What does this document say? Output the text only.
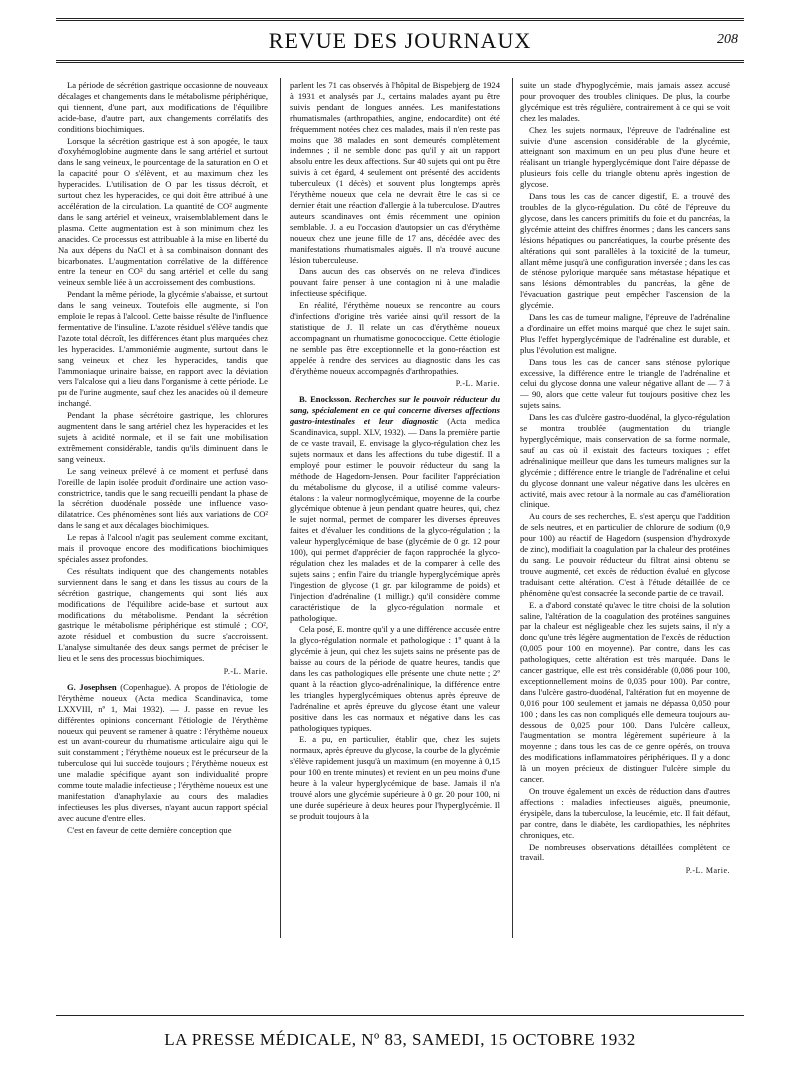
REVUE DES JOURNAUX	208

La période de sécrétion gastrique occasionne de nouveaux décalages et changements dans le métabolisme périphérique, qui tiennent, d'une part, aux modifications de l'équilibre acide-base, d'autre part, aux changements corrélatifs des conditions biochimiques.

Lorsque la sécrétion gastrique est à son apogée, le taux d'oxyhémoglobine augmente dans le sang artériel et surtout dans le sang veineux, le pourcentage de la saturation en O et la capacité pour O s'élèvent, et au maximum chez les hyperacides. L'utilisation de O par les tissus décroît, et surtout chez les hyperacides, ce qui doit être attribué à une accélération de la circulation. La quantité de CO² augmente dans le sang artériel et veineux, vraisemblablement dans le plasma. Cette augmentation est à son minimum chez les anacides. Ce processus est attribuable à la mise en liberté du Na aux dépens du NaCl et à sa combinaison donnant des bicarbonates. L'augmentation corrélative de la différence entre la teneur en CO² du sang artériel et celle du sang veineux semble liée à un accroissement des combustions.

Pendant la même période, la glycémie s'abaisse, et surtout dans le sang veineux. Toutefois elle augmente, si l'on emploie le repas à l'alcool. Cette baisse résulte de l'influence fermentative de l'insuline. L'azote résiduel s'élève tandis que l'azote total décroît, les différences étant plus marquées chez les hyperacides. L'ammoniémie augmente, surtout dans le sang veineux et chez les hyperacides, tandis que l'ammoniaque urinaire baisse, en rapport avec la déviation vers l'alcalose qui a lieu dans l'organisme à cette période. Le pн de l'urine augmente, sauf chez les anacides où il demeure inchangé.

Pendant la phase sécrétoire gastrique, les chlorures augmentent dans le sang artériel chez les hyperacides et les sujets à acidité normale, et il se fait une mobilisation extrêmement considérable, tandis qu'ils diminuent dans le sang veineux.

Le sang veineux prélevé à ce moment et perfusé dans l'oreille de lapin isolée produit d'ordinaire une action vaso-constrictrice, tandis que le sang recueilli pendant la phase de la sécrétion duodénale possède une influence vaso-dilatatrice. Ces phénomènes sont liés aux variations de CO² dans le sang et aux décalages biochimiques.

Le repas à l'alcool n'agit pas seulement comme excitant, mais il provoque encore des modifications biochimiques spéciales assez profondes.

Ces résultats indiquent que des changements notables surviennent dans le sang et dans les tissus au cours de la sécrétion gastrique, changements qui sont liés aux modifications de l'équilibre acide-base et surtout aux modifications du métabolisme. Pendant la sécrétion gastrique le métabolisme périphérique est stimulé ; CO², azote résiduel et combustion du sucre s'accroissent. L'analyse simultanée des deux sangs permet de préciser le lieu et le sens des processus biochimiques.

P.-L. Marie.

G. Josephsen (Copenhague). A propos de l'étiologie de l'érythème noueux (Acta medica Scandinavica, tome LXXVIII, nº 1, Mai 1932). — J. passe en revue les différentes opinions concernant l'étiologie de l'érythème noueux qui peuvent se ramener à quatre : l'érythème noueux est un avant-coureur du rhumatisme articulaire aigu qui le suit constamment ; l'érythème noueux est le précurseur de la tuberculose qui lui succède toujours ; l'érythème noueux est une maladie spécifique ayant son individualité propre comme toute maladie infectieuse ; l'érythème noueux est une manifestation d'anaphylaxie au cours des maladies infectieuses les plus diverses, n'ayant aucun rapport spécial avec aucune d'entre elles.

C'est en faveur de cette dernière conception que

parlent les 71 cas observés à l'hôpital de Bispebjerg de 1924 à 1931 et analysés par J., certains malades ayant pu être suivis pendant de longues années. Les manifestations rhumatismales (arthropathies, angine, endocardite) ont été fréquemment notées chez ces malades, mais il n'en reste pas moins que 38 malades en sont demeurés complètement indemnes ; il ne semble donc pas qu'il y ait un rapport absolu entre les deux affections. Sur 40 sujets qui ont pu être suivis à cet égard, 4 seulement ont présenté des accidents tuberculeux (1 décès) et souvent plus longtemps après l'érythème noueux que cela ne devrait être le cas si ce dernier était une réaction d'allergie à la tuberculose. D'autres auteurs scandinaves ont émis récemment une opinion semblable. J. a eu l'occasion d'autopsier un cas d'érythème noueux chez une jeune fille de 17 ans, décédée avec des manifestations rhumatismales aiguës. Il n'a trouvé aucune lésion tuberculeuse.

Dans aucun des cas observés on ne releva d'indices pouvant faire penser à une contagion ni à une maladie infectieuse spécifique.

En réalité, l'érythème noueux se rencontre au cours d'infections d'origine très variée ainsi qu'il ressort de la statistique de J. Il relate un cas d'érythème noueux accompagnant un rhumatisme gonococcique. Cette étiologie ne semble pas être exceptionnelle et la gono-réaction est appelée à rendre des services au diagnostic dans les cas d'érythème noueux accompagnés d'arthropathies.

P.-L. Marie.

B. Enocksson. Recherches sur le pouvoir réducteur du sang, spécialement en ce qui concerne diverses affections gastro-intestinales et leur diagnostic (Acta medica Scandinavica, suppl. XLV, 1932). — Dans la première partie de ce vaste travail, E. envisage la glyco-régulation chez les sujets normaux et dans les affections du tube digestif. Il a employé pour estimer le pouvoir réducteur du sang la méthode de Hagedorn-Jensen. Pour faciliter l'appréciation du métabolisme du glycose, il a utilisé comme valeurs-étalons : la valeur normoglycémique, moyenne de la courbe glycémique obtenue à jeun pendant quatre heures, qui, chez le sujet normal, permet de comparer les diverses épreuves faites et d'évaluer les conditions de la glyco-régulation ; la valeur hyperglycémique de base (glycémie de 0 gr. 12 pour 100), qui permet d'apprécier de façon rapprochée la glyco-régulation chez les malades et de la comparer à celle des sujets sains ; enfin l'aire du triangle hyperglycémique après l'ingestion de glycose (1 gr. par kilogramme de poids) et l'injection d'adrénaline (1 milligr.) qu'il considère comme caractéristique de la glyco-régulation normale et pathologique.

Cela posé, E. montre qu'il y a une différence accusée entre la glyco-régulation normale et pathologique : 1º quant à la glycémie à jeun, qui chez les sujets sains ne présente pas de baisse au cours de la période de quatre heures, tandis que dans les cas pathologiques elle présente une chute nette ; 2º quant à la réaction glyco-adrénalinique, la différence entre les triangles hyperglycémiques obtenus après épreuve de l'adrénaline et après épreuve du glycose étant une valeur positive dans les cas normaux et négative dans les cas pathologiques typiques.

E. a pu, en particulier, établir que, chez les sujets normaux, après épreuve du glycose, la courbe de la glycémie s'élève rapidement jusqu'à un maximum (en moyenne à 0,15 pour 100 en trente minutes) et revient en un peu moins d'une heure à la valeur hyperglycémique de base. Jamais il n'a trouvé alors une glycémie supérieure à 0 gr. 20 pour 100, ni une durée supérieure à deux heures pour l'hyperglycémie. Il se produit toujours à la

suite un stade d'hypoglycémie, mais jamais assez accusé pour provoquer des troubles cliniques. De plus, la courbe glycémique est très régulière, contrairement à ce qui se voit chez les malades.

Chez les sujets normaux, l'épreuve de l'adrénaline est suivie d'une ascension considérable de la glycémie, atteignant son maximum en un peu plus d'une heure et réalisant un triangle hyperglycémique dont l'aire dépasse de plusieurs fois celle du triangle obtenu après ingestion de glycose.

Dans tous les cas de cancer digestif, E. a trouvé des troubles de la glyco-régulation. Du côté de l'épreuve du glycose, dans les cancers primitifs du foie et du pancréas, la glycémie atteint des chiffres énormes ; dans les cancers sans lésions hépatiques ou pancréatiques, la courbe présente des altérations qui sont parallèles à la toxicité de la tumeur, allant même jusqu'à une configuration inversée ; dans les cas de sténose pylorique marquée sans métastase hépatique et sans lésions démontrables du pancréas, la gêne de l'évacuation gastrique peut empêcher l'ascension de la glycémie.

Dans les cas de tumeur maligne, l'épreuve de l'adrénaline a d'ordinaire un effet moins marqué que chez le sujet sain. Plus l'effet hyperglycémique de l'adrénaline est durable, et plus l'évolution est maligne.

Dans tous les cas de cancer sans sténose pylorique excessive, la différence entre le triangle de l'adrénaline et celui du glycose donna une valeur négative allant de — 7 à — 90, alors que cette valeur fut toujours positive chez les sujets sains.

Dans les cas d'ulcère gastro-duodénal, la glyco-régulation se montra troublée (augmentation du triangle hyperglycémique, mais conservation de sa forme normale, sauf au cas où il existait des facteurs toxiques ; effet adrénalinique meilleur que dans les tumeurs malignes sur la glycémie ; différence entre le triangle de l'adrénaline et celui du glycose donnant une valeur négative dans les ulcères en activité, mais avec retour à la normale au cas d'amélioration clinique.

Au cours de ses recherches, E. s'est aperçu que l'addition de sels neutres, et en particulier de chlorure de sodium (0,9 pour 100) au réactif de Hagedorn (suspension d'hydroxyde de zinc), modifiait la coagulation par la chaleur des protéines du sang. Le pouvoir réducteur du filtrat ainsi obtenu se trouve augmenté, cet excès de réduction évalué en glycose traduisant cette altération. C'est à l'étude détaillée de ce phénomène qu'est consacrée la seconde partie de ce travail.

E. a d'abord constaté qu'avec le titre choisi de la solution saline, l'altération de la coagulation des protéines sanguines par la chaleur est négligeable chez les sujets sains, il n'y a donc qu'une très légère augmentation de l'excès de réduction (0,005 pour 100 en moyenne). Par contre, dans les cas pathologiques, cette altération est très marquée. Dans le cancer gastrique, elle est très considérable (0,086 pour 100, exceptionnellement moins de 0,035 pour 100). Par contre, dans l'ulcère gastro-duodénal, l'altération fut en moyenne de 0,016 pour 100 seulement et jamais ne dépassa 0,050 pour 100 ; dans les cas non compliqués elle demeura toujours au-dessous de 0,025 pour 100. Dans l'ulcère calleux, l'augmentation se montra légèrement supérieure à la moyenne ; dans tous les cas de ce genre opérés, on trouva des modifications inflammatoires périphériques. Il y a donc là un moyen précieux de distinguer l'ulcère simple du cancer.

On trouve également un excès de réduction dans d'autres affections : maladies infectieuses aiguës, pneumonie, érysipèle, dans la tuberculose, la leucémie, etc. Il fait défaut, par contre, dans le diabète, les cardiopathies, les néphrites chroniques, etc.

De nombreuses observations détaillées complètent ce travail.

P.-L. Marie.
LA PRESSE MÉDICALE, Nº 83, SAMEDI, 15 OCTOBRE 1932
